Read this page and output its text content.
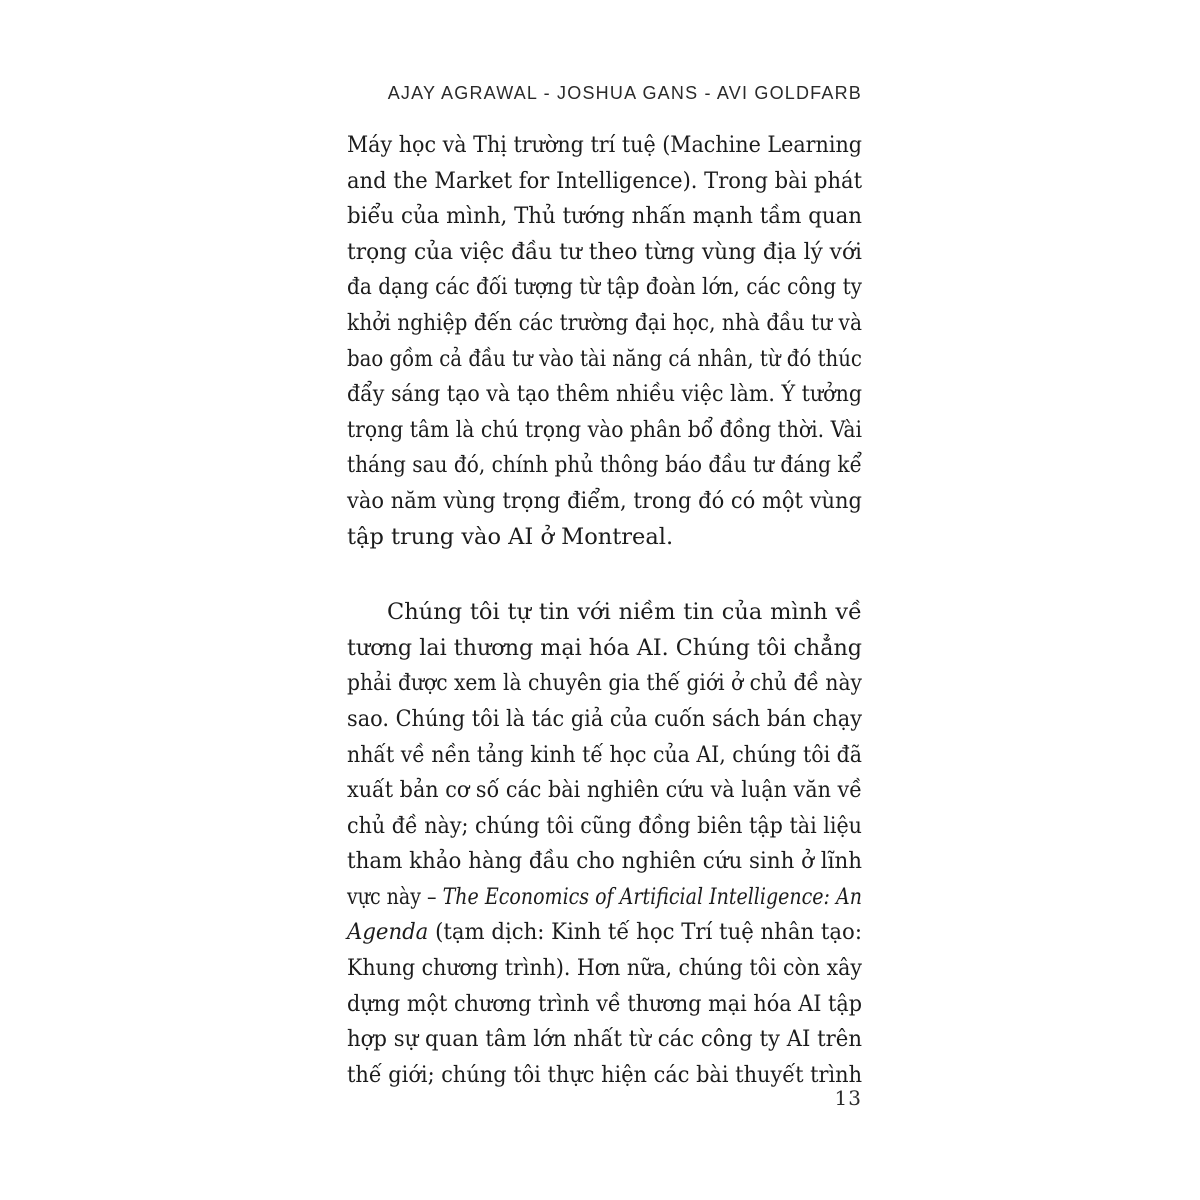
AJAY AGRAWAL - JOSHUA GANS - AVI GOLDFARB

Máy học và Thị trường trí tuệ (Machine Learning
and the Market for Intelligence). Trong bài phát
biểu của mình, Thủ tướng nhấn mạnh tầm quan
trọng của việc đầu tư theo từng vùng địa lý với
đa dạng các đối tượng từ tập đoàn lớn, các công ty
khởi nghiệp đến các trường đại học, nhà đầu tư và
bao gồm cả đầu tư vào tài năng cá nhân, từ đó thúc
đẩy sáng tạo và tạo thêm nhiều việc làm. Ý tưởng
trọng tâm là chú trọng vào phân bổ đồng thời. Vài
tháng sau đó, chính phủ thông báo đầu tư đáng kể
vào năm vùng trọng điểm, trong đó có một vùng
tập trung vào AI ở Montreal.

Chúng tôi tự tin với niềm tin của mình về
tương lai thương mại hóa AI. Chúng tôi chẳng
phải được xem là chuyên gia thế giới ở chủ đề này
sao. Chúng tôi là tác giả của cuốn sách bán chạy
nhất về nền tảng kinh tế học của AI, chúng tôi đã
xuất bản cơ số các bài nghiên cứu và luận văn về
chủ đề này; chúng tôi cũng đồng biên tập tài liệu
tham khảo hàng đầu cho nghiên cứu sinh ở lĩnh
vực này – The Economics of Artificial Intelligence: An
Agenda (tạm dịch: Kinh tế học Trí tuệ nhân tạo:
Khung chương trình). Hơn nữa, chúng tôi còn xây
dựng một chương trình về thương mại hóa AI tập
hợp sự quan tâm lớn nhất từ các công ty AI trên
thế giới; chúng tôi thực hiện các bài thuyết trình

13
